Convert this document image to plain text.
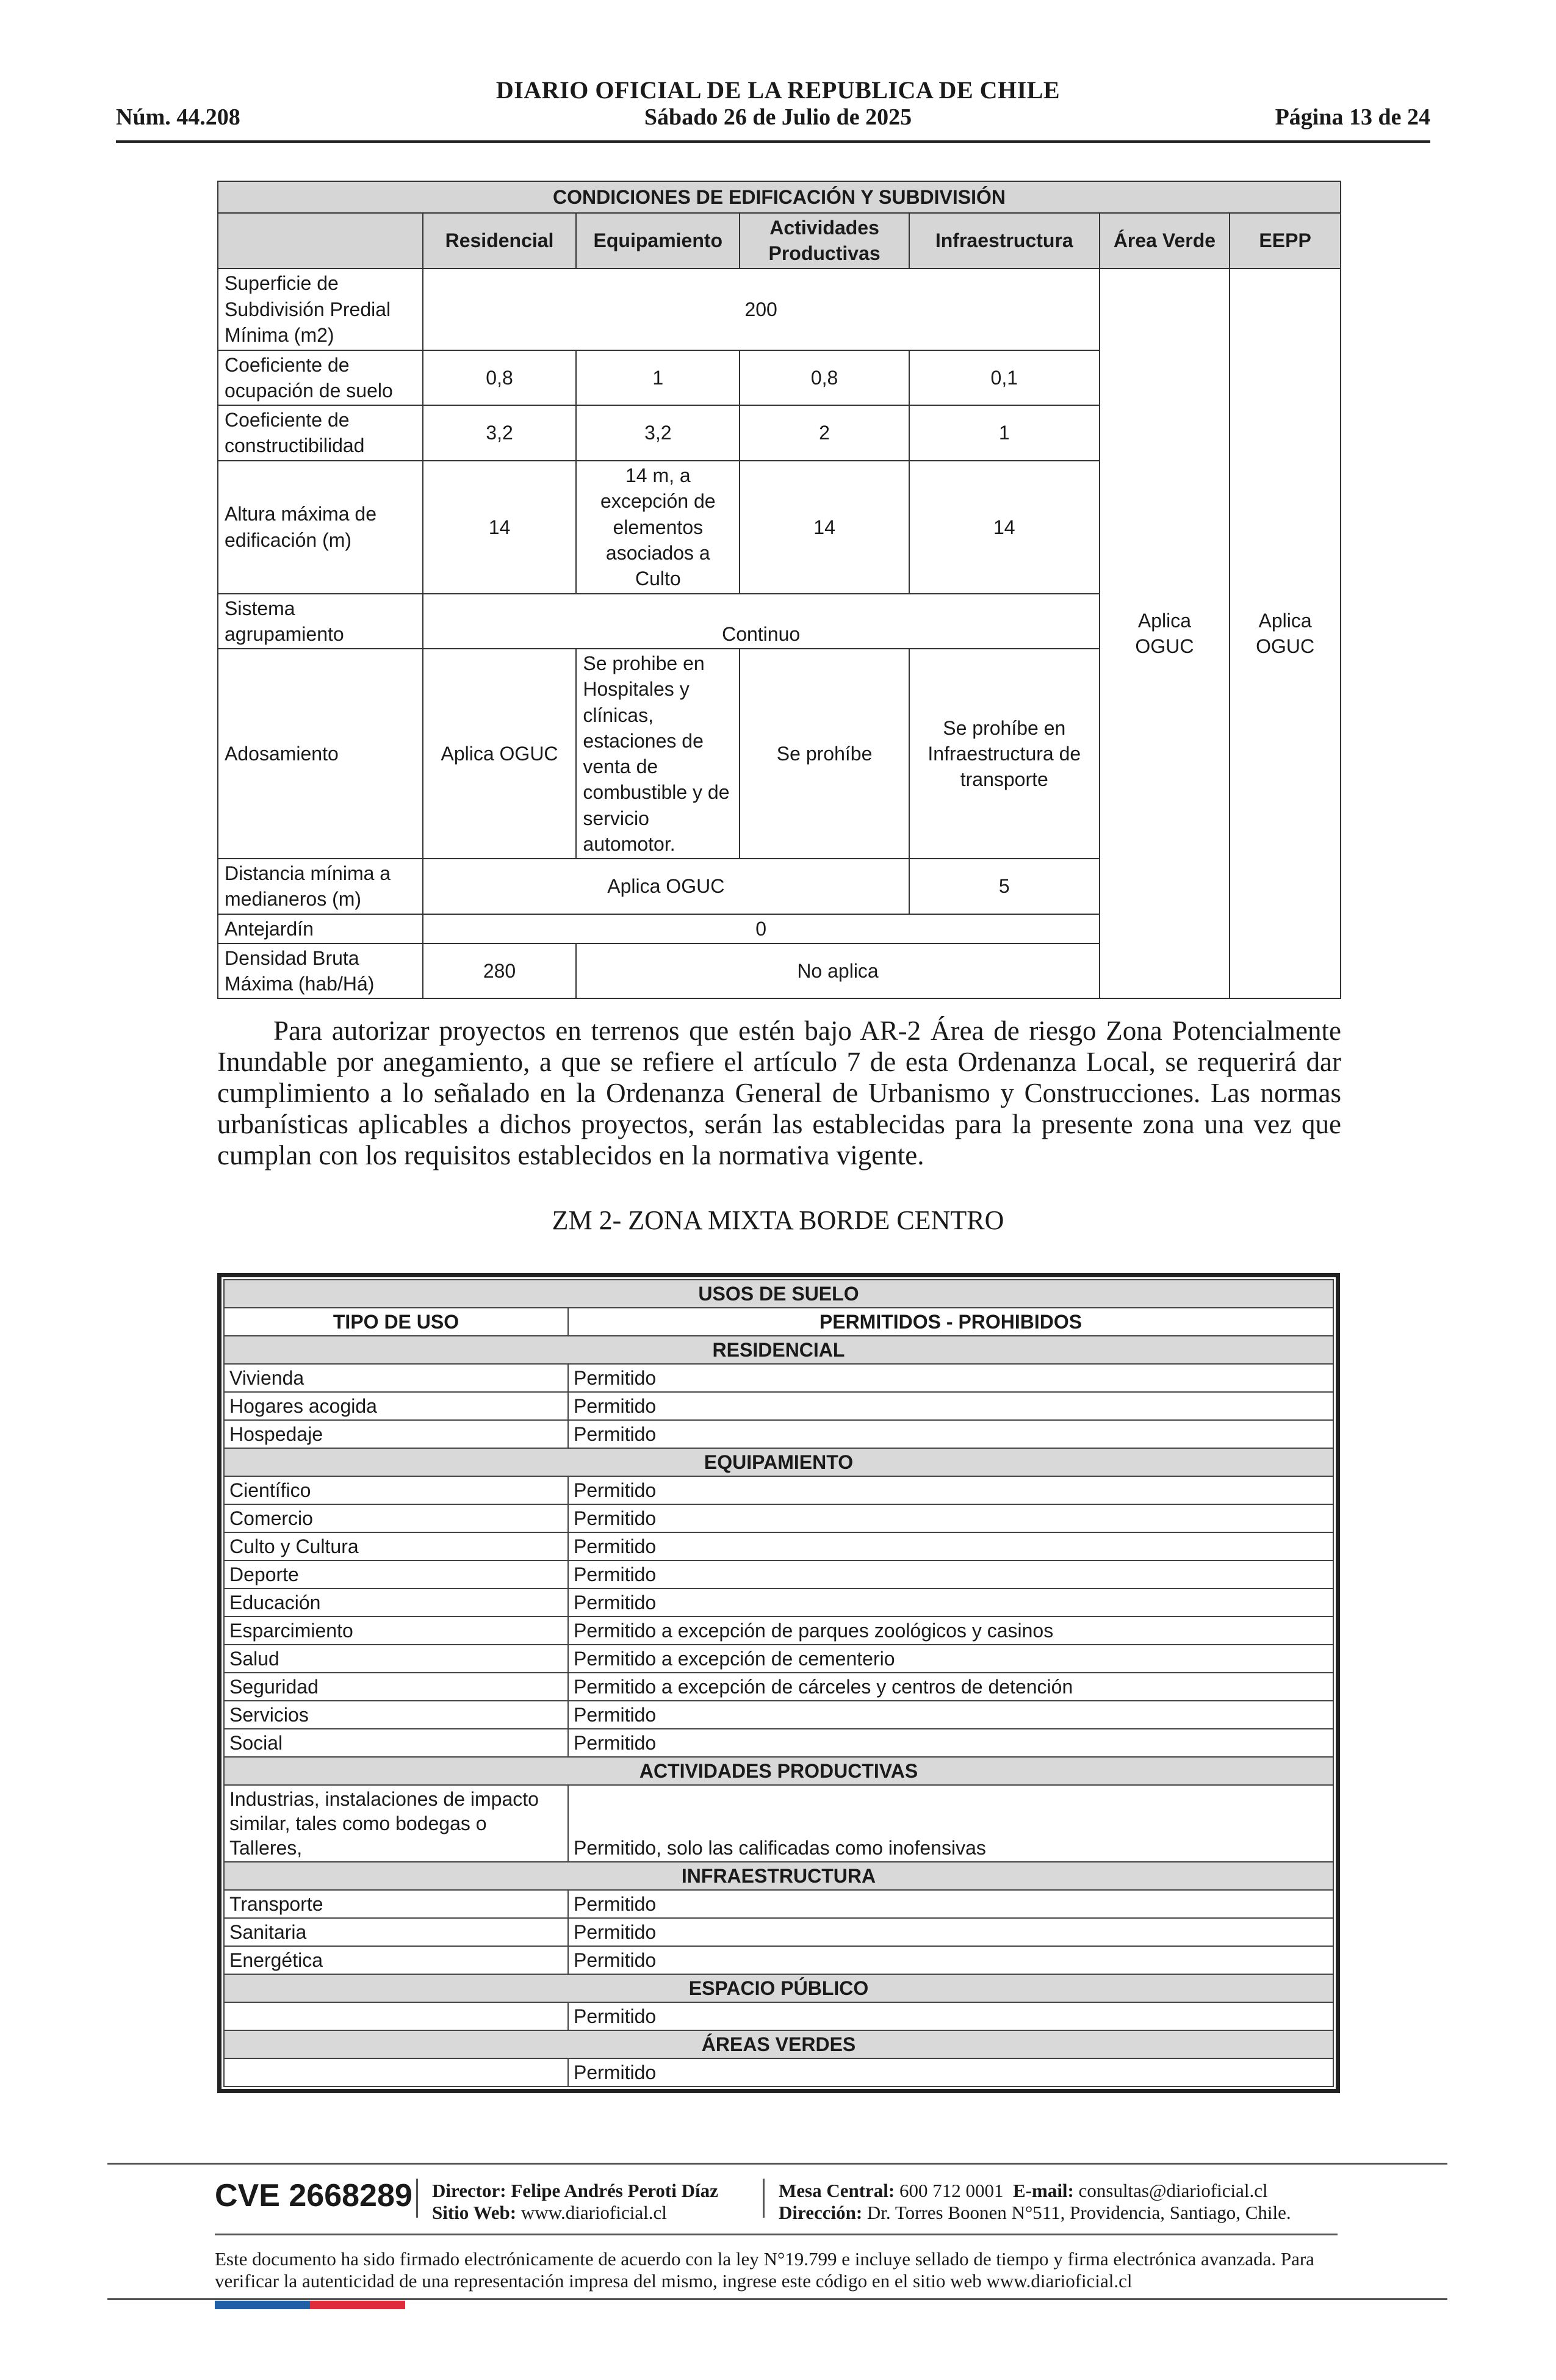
DIARIO OFICIAL DE LA REPUBLICA DE CHILE
Núm. 44.208	Sábado 26 de Julio de 2025	Página 13 de 24
CONDICIONES DE EDIFICACIÓN Y SUBDIVISIÓN						
	Residencial	Equipamiento	Actividades Productivas	Infraestructura	Área Verde	EEPP
Superficie de Subdivisión Predial Mínima (m2)	200				Aplica OGUC	Aplica OGUC
Coeficiente de ocupación de suelo	0,8	1	0,8	0,1		
Coeficiente de constructibilidad	3,2	3,2	2	1		
Altura máxima de edificación (m)	14	14 m, a excepción de elementos asociados a Culto	14	14		
Sistema agrupamiento	Continuo					
Adosamiento	Aplica OGUC	Se prohibe en Hospitales y clínicas, estaciones de venta de combustible y de servicio automotor.	Se prohíbe	Se prohíbe en Infraestructura de transporte		
Distancia mínima a medianeros (m)	Aplica OGUC			5		
Antejardín	0					
Densidad Bruta Máxima (hab/Há)	280	No aplica				

Para autorizar proyectos en terrenos que estén bajo AR-2 Área de riesgo Zona Potencialmente Inundable por anegamiento, a que se refiere el artículo 7 de esta Ordenanza Local, se requerirá dar cumplimiento a lo señalado en la Ordenanza General de Urbanismo y Construcciones. Las normas urbanísticas aplicables a dichos proyectos, serán las establecidas para la presente zona una vez que cumplan con los requisitos establecidos en la normativa vigente.

ZM 2- ZONA MIXTA BORDE CENTRO
USOS DE SUELO	
TIPO DE USO	PERMITIDOS - PROHIBIDOS
RESIDENCIAL	
Vivienda	Permitido
Hogares acogida	Permitido
Hospedaje	Permitido
EQUIPAMIENTO	
Científico	Permitido
Comercio	Permitido
Culto y Cultura	Permitido
Deporte	Permitido
Educación	Permitido
Esparcimiento	Permitido a excepción de parques zoológicos y casinos
Salud	Permitido a excepción de cementerio
Seguridad	Permitido a excepción de cárceles y centros de detención
Servicios	Permitido
Social	Permitido
ACTIVIDADES PRODUCTIVAS	
Industrias, instalaciones de impacto similar, tales como bodegas o Talleres,	Permitido, solo las calificadas como inofensivas
INFRAESTRUCTURA	
Transporte	Permitido
Sanitaria	Permitido
Energética	Permitido
ESPACIO PÚBLICO	
	Permitido
ÁREAS VERDES	
	Permitido
CVE 2668289 Director: Felipe Andrés Peroti Díaz
Sitio Web: www.diarioficial.cl
Mesa Central: 600 712 0001 E-mail: consultas@diarioficial.cl
Dirección: Dr. Torres Boonen N°511, Providencia, Santiago, Chile.

Este documento ha sido firmado electrónicamente de acuerdo con la ley N°19.799 e incluye sellado de tiempo y firma electrónica avanzada. Para verificar la autenticidad de una representación impresa del mismo, ingrese este código en el sitio web www.diarioficial.cl
